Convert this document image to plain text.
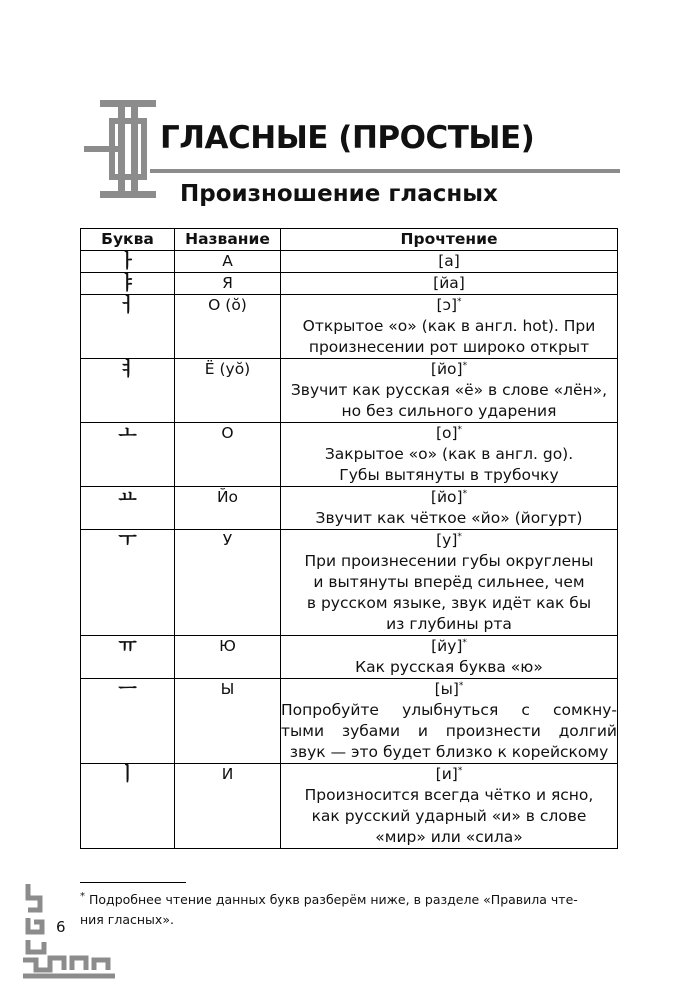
ГЛАСНЫЕ (ПРОСТЫЕ)
Произношение гласных
Буква	Название	Прочтение
ㅏ	А	[а]

ㅑ	Я	[йа]

ㅓ	О (ŏ)	[ɔ]*
Открытое «о» (как в англ. hot). При
произнесении рот широко открыт

ㅕ	Ё (уŏ)	[йо]*
Звучит как русская «ё» в слове «лён»,
но без сильного ударения

ㅗ	О	[о]*
Закрытое «о» (как в англ. go).
Губы вытянуты в трубочку

ㅛ	Йо	[йо]*
Звучит как чёткое «йо» (йогурт)

ㅜ	У	[у]*
При произнесении губы округлены
и вытянуты вперёд сильнее, чем
в русском языке, звук идёт как бы
из глубины рта

ㅠ	Ю	[йу]*
Как русская буква «ю»

ㅡ	Ы	[ы]*
Попробуйте улыбнуться с сомкну-
тыми зубами и произнести долгий
звук — это будет близко к корейскому

ㅣ	И	[и]*
Произносится всегда чётко и ясно,
как русский ударный «и» в слове
«мир» или «сила»

* Подробнее чтение данных букв разберём ниже, в разделе «Правила чте-
ния гласных».

6
